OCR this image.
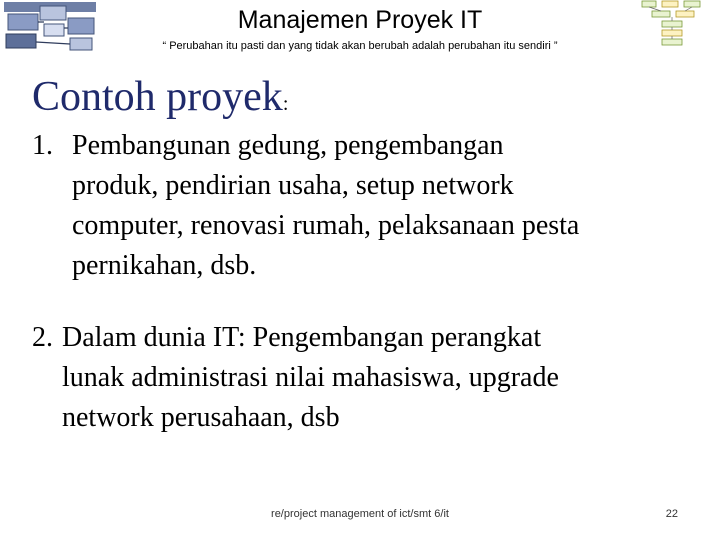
Manajemen Proyek IT
“ Perubahan itu pasti dan yang tidak akan berubah adalah perubahan itu sendiri ”
Contoh proyek:
1. Pembangunan gedung, pengembangan
produk, pendirian usaha, setup network
computer, renovasi rumah, pelaksanaan pesta
pernikahan, dsb.
2. Dalam dunia IT: Pengembangan perangkat
lunak administrasi nilai mahasiswa, upgrade
network perusahaan, dsb
re/project management of ict/smt 6/it	22
